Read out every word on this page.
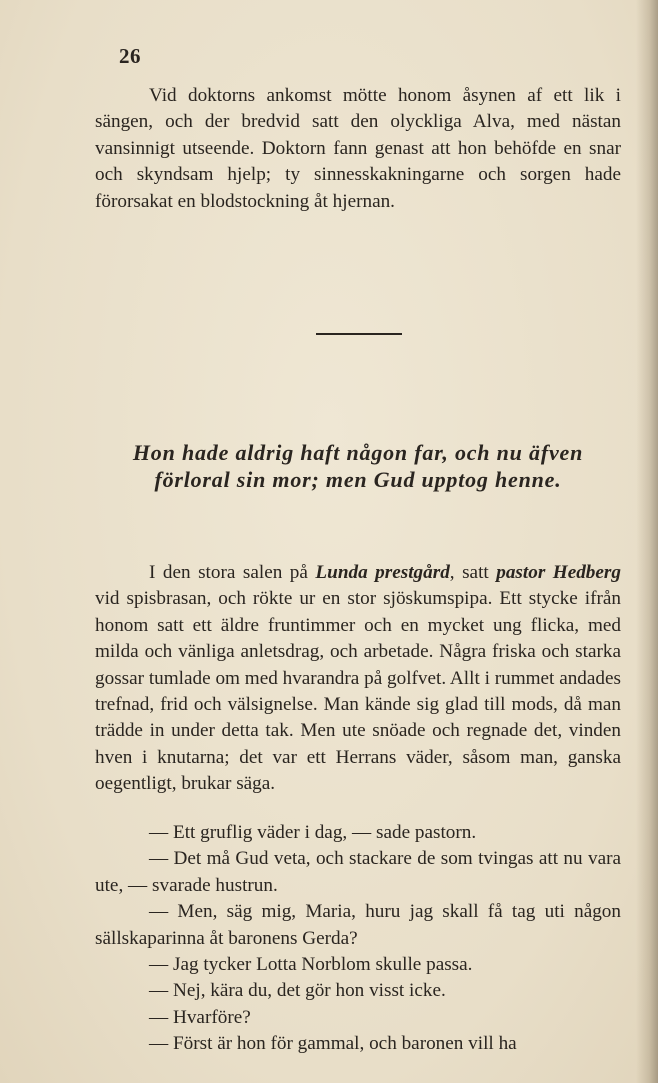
26

Vid doktorns ankomst mötte honom åsynen af ett lik i sängen, och der bredvid satt den olyckliga Alva, med nästan vansinnigt utseende. Doktorn fann genast att hon behöfde en snar och skyndsam hjelp; ty sinnesskakningarne och sorgen hade förorsakat en blodstockning åt hjernan.

Hon hade aldrig haft någon far, och nu äfven förloral sin mor; men Gud upptog henne.

I den stora salen på Lunda prestgård, satt pastor Hedberg vid spisbrasan, och rökte ur en stor sjöskumspipa. Ett stycke ifrån honom satt ett äldre fruntimmer och en mycket ung flicka, med milda och vänliga anletsdrag, och arbetade. Några friska och starka gossar tumlade om med hvarandra på golfvet. Allt i rummet andades trefnad, frid och välsignelse. Man kände sig glad till mods, då man trädde in under detta tak. Men ute snöade och regnade det, vinden hven i knutarna; det var ett Herrans väder, såsom man, ganska oegentligt, brukar säga.

— Ett gruflig väder i dag, — sade pastorn.

— Det må Gud veta, och stackare de som tvingas att nu vara ute, — svarade hustrun.

— Men, säg mig, Maria, huru jag skall få tag uti någon sällskaparinna åt baronens Gerda?

— Jag tycker Lotta Norblom skulle passa.

— Nej, kära du, det gör hon visst icke.

— Hvarföre?

— Först är hon för gammal, och baronen vill ha
